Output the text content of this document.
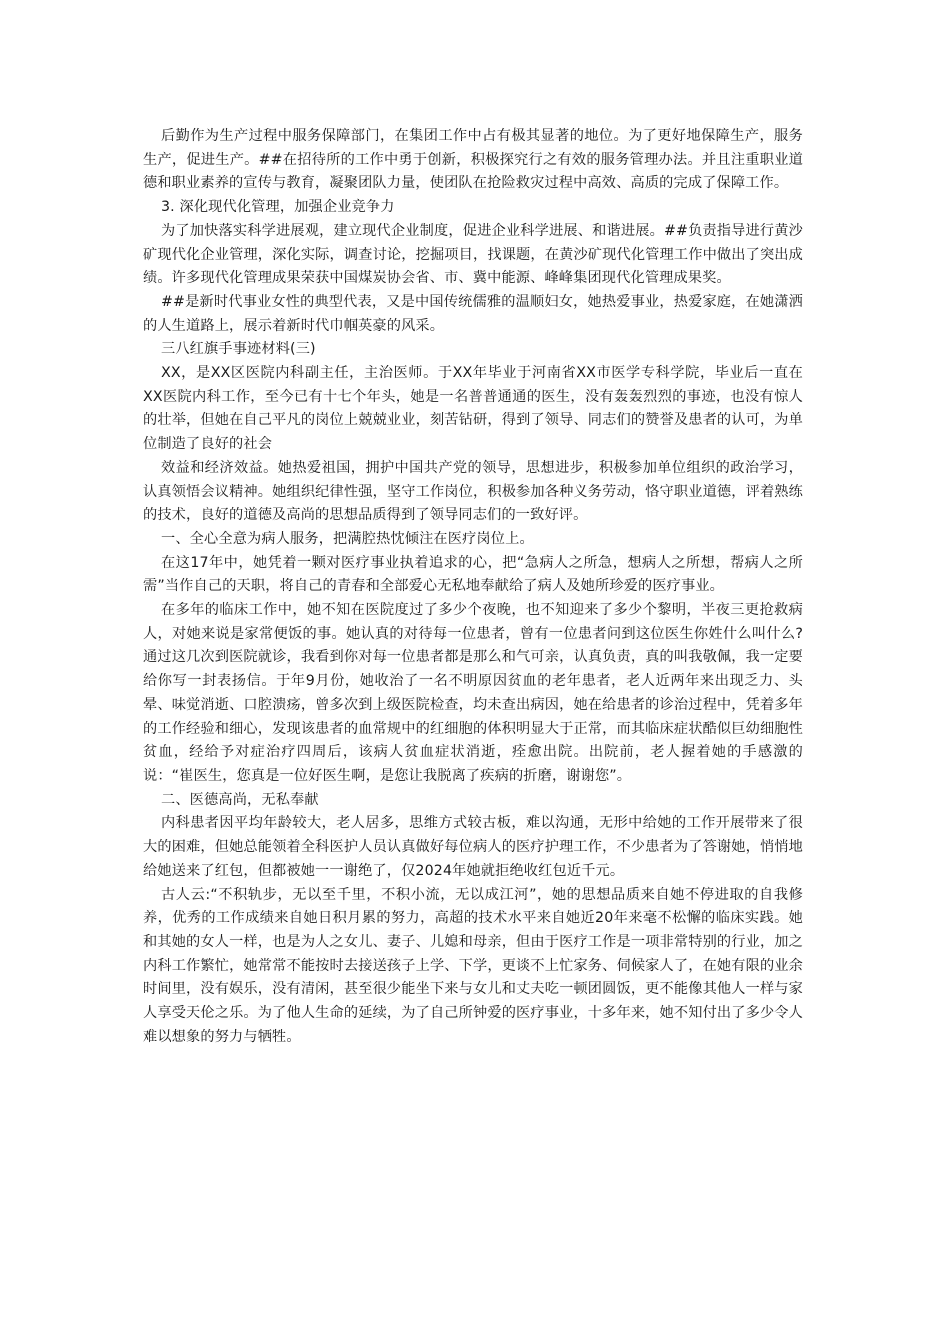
后勤作为生产过程中服务保障部门，在集团工作中占有极其显著的地位。为了更好地保障生产，服务生产，促进生产。##在招待所的工作中勇于创新，积极探究行之有效的服务管理办法。并且注重职业道德和职业素养的宣传与教育，凝聚团队力量，使团队在抢险救灾过程中高效、高质的完成了保障工作。

3. 深化现代化管理，加强企业竞争力

为了加快落实科学进展观，建立现代企业制度，促进企业科学进展、和谐进展。##负责指导进行黄沙矿现代化企业管理，深化实际，调查讨论，挖掘项目，找课题，在黄沙矿现代化管理工作中做出了突出成绩。许多现代化管理成果荣获中国煤炭协会省、市、冀中能源、峰峰集团现代化管理成果奖。

##是新时代事业女性的典型代表，又是中国传统儒雅的温顺妇女，她热爱事业，热爱家庭，在她潇洒的人生道路上，展示着新时代巾帼英豪的风采。

三八红旗手事迹材料(三)

XX，是XX区医院内科副主任，主治医师。于XX年毕业于河南省XX市医学专科学院，毕业后一直在XX医院内科工作，至今已有十七个年头，她是一名普普通通的医生，没有轰轰烈烈的事迹，也没有惊人的壮举，但她在自己平凡的岗位上兢兢业业，刻苦钻研，得到了领导、同志们的赞誉及患者的认可，为单位制造了良好的社会

效益和经济效益。她热爱祖国，拥护中国共产党的领导，思想进步，积极参加单位组织的政治学习，认真领悟会议精神。她组织纪律性强，坚守工作岗位，积极参加各种义务劳动，恪守职业道德，评着熟练的技术，良好的道德及高尚的思想品质得到了领导同志们的一致好评。

一、全心全意为病人服务，把满腔热忱倾注在医疗岗位上。

在这17年中，她凭着一颗对医疗事业执着追求的心，把“急病人之所急，想病人之所想，帮病人之所需”当作自己的天职，将自己的青春和全部爱心无私地奉献给了病人及她所珍爱的医疗事业。

在多年的临床工作中，她不知在医院度过了多少个夜晚，也不知迎来了多少个黎明，半夜三更抢救病人，对她来说是家常便饭的事。她认真的对待每一位患者，曾有一位患者问到这位医生你姓什么叫什么?通过这几次到医院就诊，我看到你对每一位患者都是那么和气可亲，认真负责，真的叫我敬佩，我一定要给你写一封表扬信。于年9月份，她收治了一名不明原因贫血的老年患者，老人近两年来出现乏力、头晕、味觉消逝、口腔溃疡，曾多次到上级医院检查，均未查出病因，她在给患者的诊治过程中，凭着多年的工作经验和细心，发现该患者的血常规中的红细胞的体积明显大于正常，而其临床症状酷似巨幼细胞性贫血，经给予对症治疗四周后，该病人贫血症状消逝，痊愈出院。出院前，老人握着她的手感激的说：“崔医生，您真是一位好医生啊，是您让我脱离了疾病的折磨，谢谢您”。

二、医德高尚，无私奉献

内科患者因平均年龄较大，老人居多，思维方式较古板，难以沟通，无形中给她的工作开展带来了很大的困难，但她总能领着全科医护人员认真做好每位病人的医疗护理工作，不少患者为了答谢她，悄悄地给她送来了红包，但都被她一一谢绝了，仅2024年她就拒绝收红包近千元。

古人云:“不积轨步，无以至千里，不积小流，无以成江河”，她的思想品质来自她不停进取的自我修养，优秀的工作成绩来自她日积月累的努力，高超的技术水平来自她近20年来毫不松懈的临床实践。她和其她的女人一样，也是为人之女儿、妻子、儿媳和母亲，但由于医疗工作是一项非常特别的行业，加之内科工作繁忙，她常常不能按时去接送孩子上学、下学，更谈不上忙家务、伺候家人了，在她有限的业余时间里，没有娱乐，没有清闲，甚至很少能坐下来与女儿和丈夫吃一顿团圆饭，更不能像其他人一样与家人享受天伦之乐。为了他人生命的延续，为了自己所钟爱的医疗事业，十多年来，她不知付出了多少令人难以想象的努力与牺牲。
